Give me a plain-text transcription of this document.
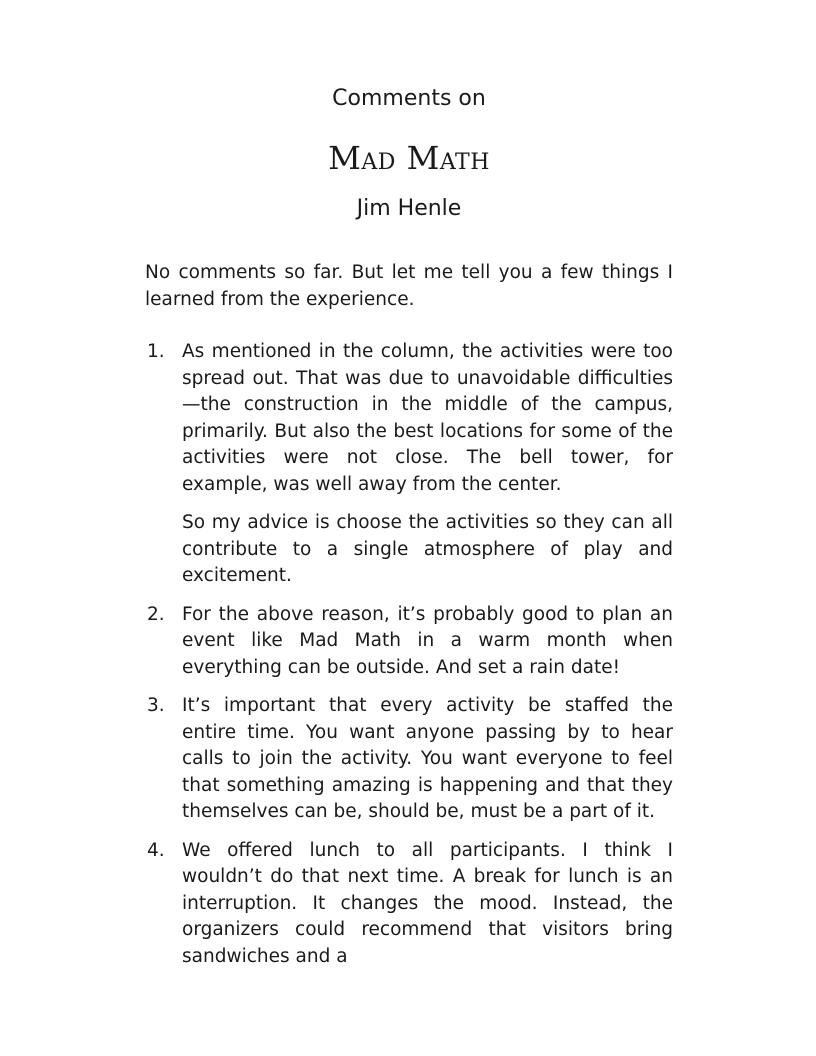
Comments on
Mad Math
Jim Henle

No comments so far. But let me tell you a few things I learned from the experience.

1. As mentioned in the column, the activities were too spread out. That was due to unavoidable difficulties—the construction in the middle of the campus, primarily. But also the best locations for some of the activities were not close. The bell tower, for example, was well away from the center.

So my advice is choose the activities so they can all contribute to a single atmosphere of play and excitement.

2. For the above reason, it’s probably good to plan an event like Mad Math in a warm month when everything can be outside. And set a rain date!

3. It’s important that every activity be staffed the entire time. You want anyone passing by to hear calls to join the activity. You want everyone to feel that something amazing is happening and that they themselves can be, should be, must be a part of it.

4. We offered lunch to all participants. I think I wouldn’t do that next time. A break for lunch is an interruption. It changes the mood. Instead, the organizers could recommend that visitors bring sandwiches and a
